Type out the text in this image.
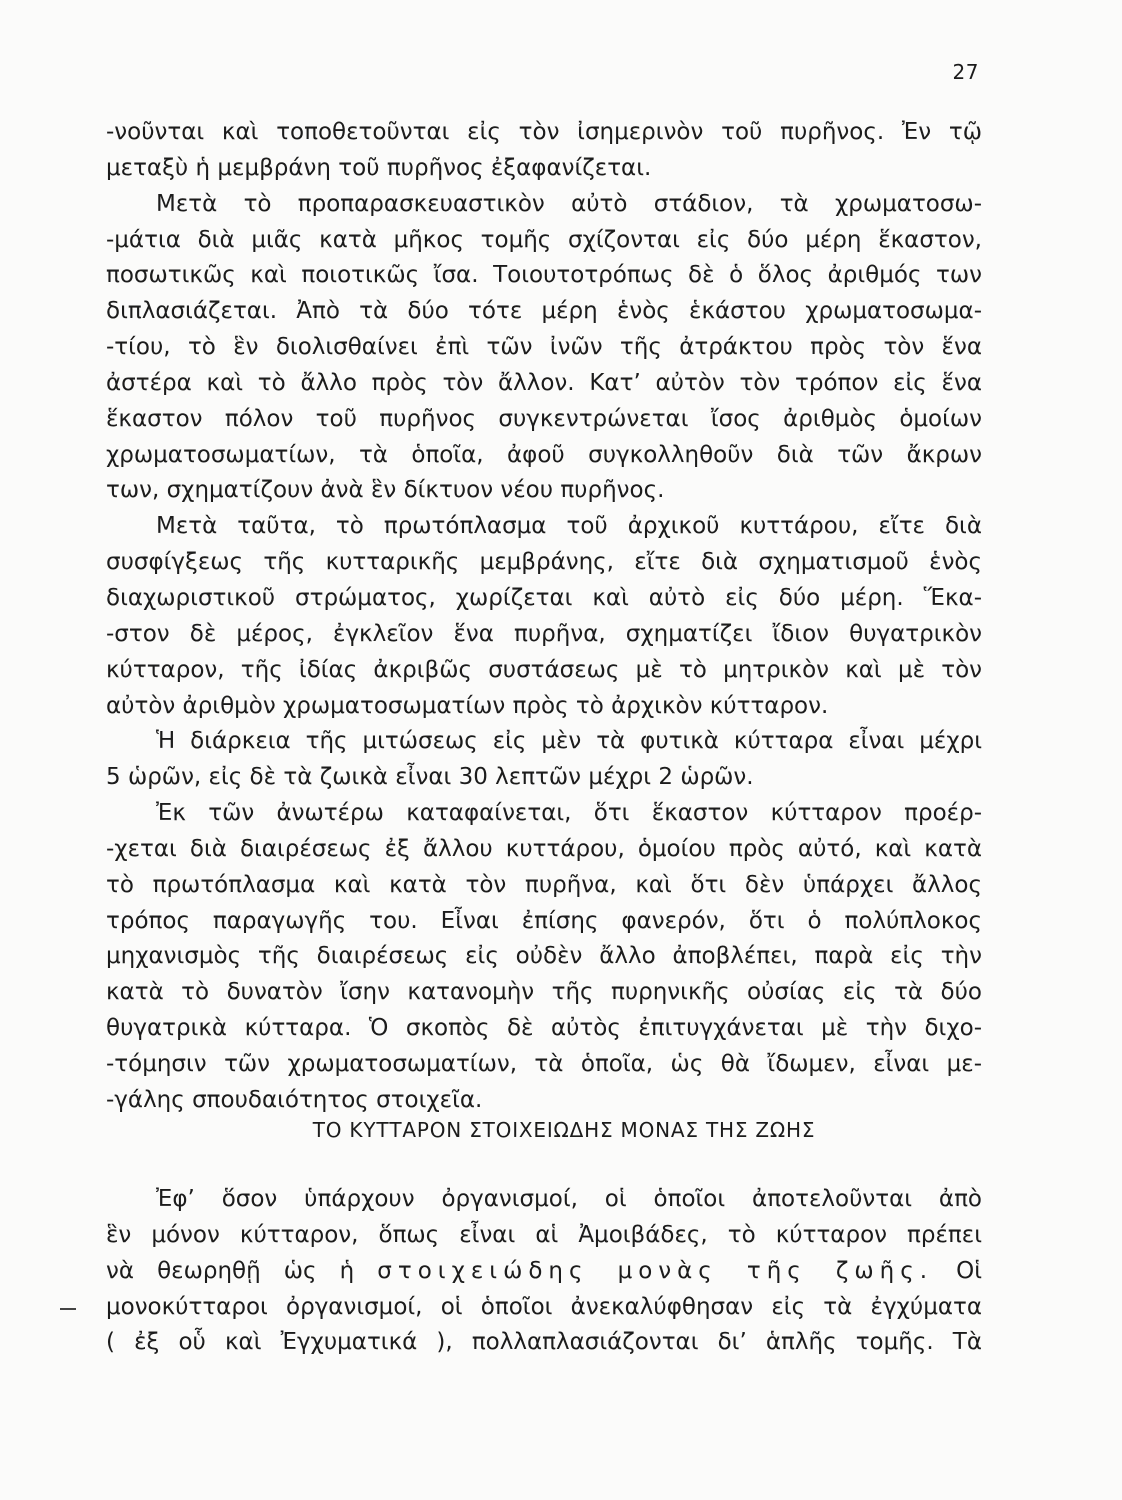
27
-νοῦνται καὶ τοποθετοῦνται εἰς τὸν ἰσημερινὸν τοῦ πυρῆνος. Ἐν τῷ
μεταξὺ ἡ μεμβράνη τοῦ πυρῆνος ἐξαφανίζεται.
Μετὰ τὸ προπαρασκευαστικὸν αὐτὸ στάδιον, τὰ χρωματοσω-
-μάτια διὰ μιᾶς κατὰ μῆκος τομῆς σχίζονται εἰς δύο μέρη ἕκαστον,
ποσωτικῶς καὶ ποιοτικῶς ἴσα. Τοιουτοτρόπως δὲ ὁ ὅλος ἀριθμός των
διπλασιάζεται. Ἀπὸ τὰ δύο τότε μέρη ἑνὸς ἑκάστου χρωματοσωμα-
-τίου, τὸ ἓν διολισθαίνει ἐπὶ τῶν ἰνῶν τῆς ἀτράκτου πρὸς τὸν ἕνα
ἀστέρα καὶ τὸ ἄλλο πρὸς τὸν ἄλλον. Κατ’ αὐτὸν τὸν τρόπον εἰς ἕνα
ἕκαστον πόλον τοῦ πυρῆνος συγκεντρώνεται ἴσος ἀριθμὸς ὁμοίων
χρωματοσωματίων, τὰ ὁποῖα, ἀφοῦ συγκολληθοῦν διὰ τῶν ἄκρων
των, σχηματίζουν ἀνὰ ἓν δίκτυον νέου πυρῆνος.
Μετὰ ταῦτα, τὸ πρωτόπλασμα τοῦ ἀρχικοῦ κυττάρου, εἴτε διὰ
συσφίγξεως τῆς κυτταρικῆς μεμβράνης, εἴτε διὰ σχηματισμοῦ ἑνὸς
διαχωριστικοῦ στρώματος, χωρίζεται καὶ αὐτὸ εἰς δύο μέρη. Ἕκα-
-στον δὲ μέρος, ἐγκλεῖον ἕνα πυρῆνα, σχηματίζει ἴδιον θυγατρικὸν
κύτταρον, τῆς ἰδίας ἀκριβῶς συστάσεως μὲ τὸ μητρικὸν καὶ μὲ τὸν
αὐτὸν ἀριθμὸν χρωματοσωματίων πρὸς τὸ ἀρχικὸν κύτταρον.
Ἡ διάρκεια τῆς μιτώσεως εἰς μὲν τὰ φυτικὰ κύτταρα εἶναι μέχρι
5 ὡρῶν, εἰς δὲ τὰ ζωικὰ εἶναι 30 λεπτῶν μέχρι 2 ὡρῶν.
Ἐκ τῶν ἀνωτέρω καταφαίνεται, ὅτι ἕκαστον κύτταρον προέρ-
-χεται διὰ διαιρέσεως ἐξ ἄλλου κυττάρου, ὁμοίου πρὸς αὐτό, καὶ κατὰ
τὸ πρωτόπλασμα καὶ κατὰ τὸν πυρῆνα, καὶ ὅτι δὲν ὑπάρχει ἄλλος
τρόπος παραγωγῆς του. Εἶναι ἐπίσης φανερόν, ὅτι ὁ πολύπλοκος
μηχανισμὸς τῆς διαιρέσεως εἰς οὐδὲν ἄλλο ἀποβλέπει, παρὰ εἰς τὴν
κατὰ τὸ δυνατὸν ἴσην κατανομὴν τῆς πυρηνικῆς οὐσίας εἰς τὰ δύο
θυγατρικὰ κύτταρα. Ὁ σκοπὸς δὲ αὐτὸς ἐπιτυγχάνεται μὲ τὴν διχο-
-τόμησιν τῶν χρωματοσωματίων, τὰ ὁποῖα, ὡς θὰ ἴδωμεν, εἶναι με-
-γάλης σπουδαιότητος στοιχεῖα.
ΤΟ ΚΥΤΤΑΡΟΝ ΣΤΟΙΧΕΙΩΔΗΣ ΜΟΝΑΣ ΤΗΣ ΖΩΗΣ
Ἐφ’ ὅσον ὑπάρχουν ὀργανισμοί, οἱ ὁποῖοι ἀποτελοῦνται ἀπὸ
ἓν μόνον κύτταρον, ὅπως εἶναι αἱ Ἀμοιβάδες, τὸ κύτταρον πρέπει
νὰ θεωρηθῇ ὡς ἡ στοιχειώδης μονὰς τῆς ζωῆς. Οἱ
μονοκύτταροι ὀργανισμοί, οἱ ὁποῖοι ἀνεκαλύφθησαν εἰς τὰ ἐγχύματα
( ἐξ οὗ καὶ Ἐγχυματικά ), πολλαπλασιάζονται δι’ ἁπλῆς τομῆς. Τὰ
